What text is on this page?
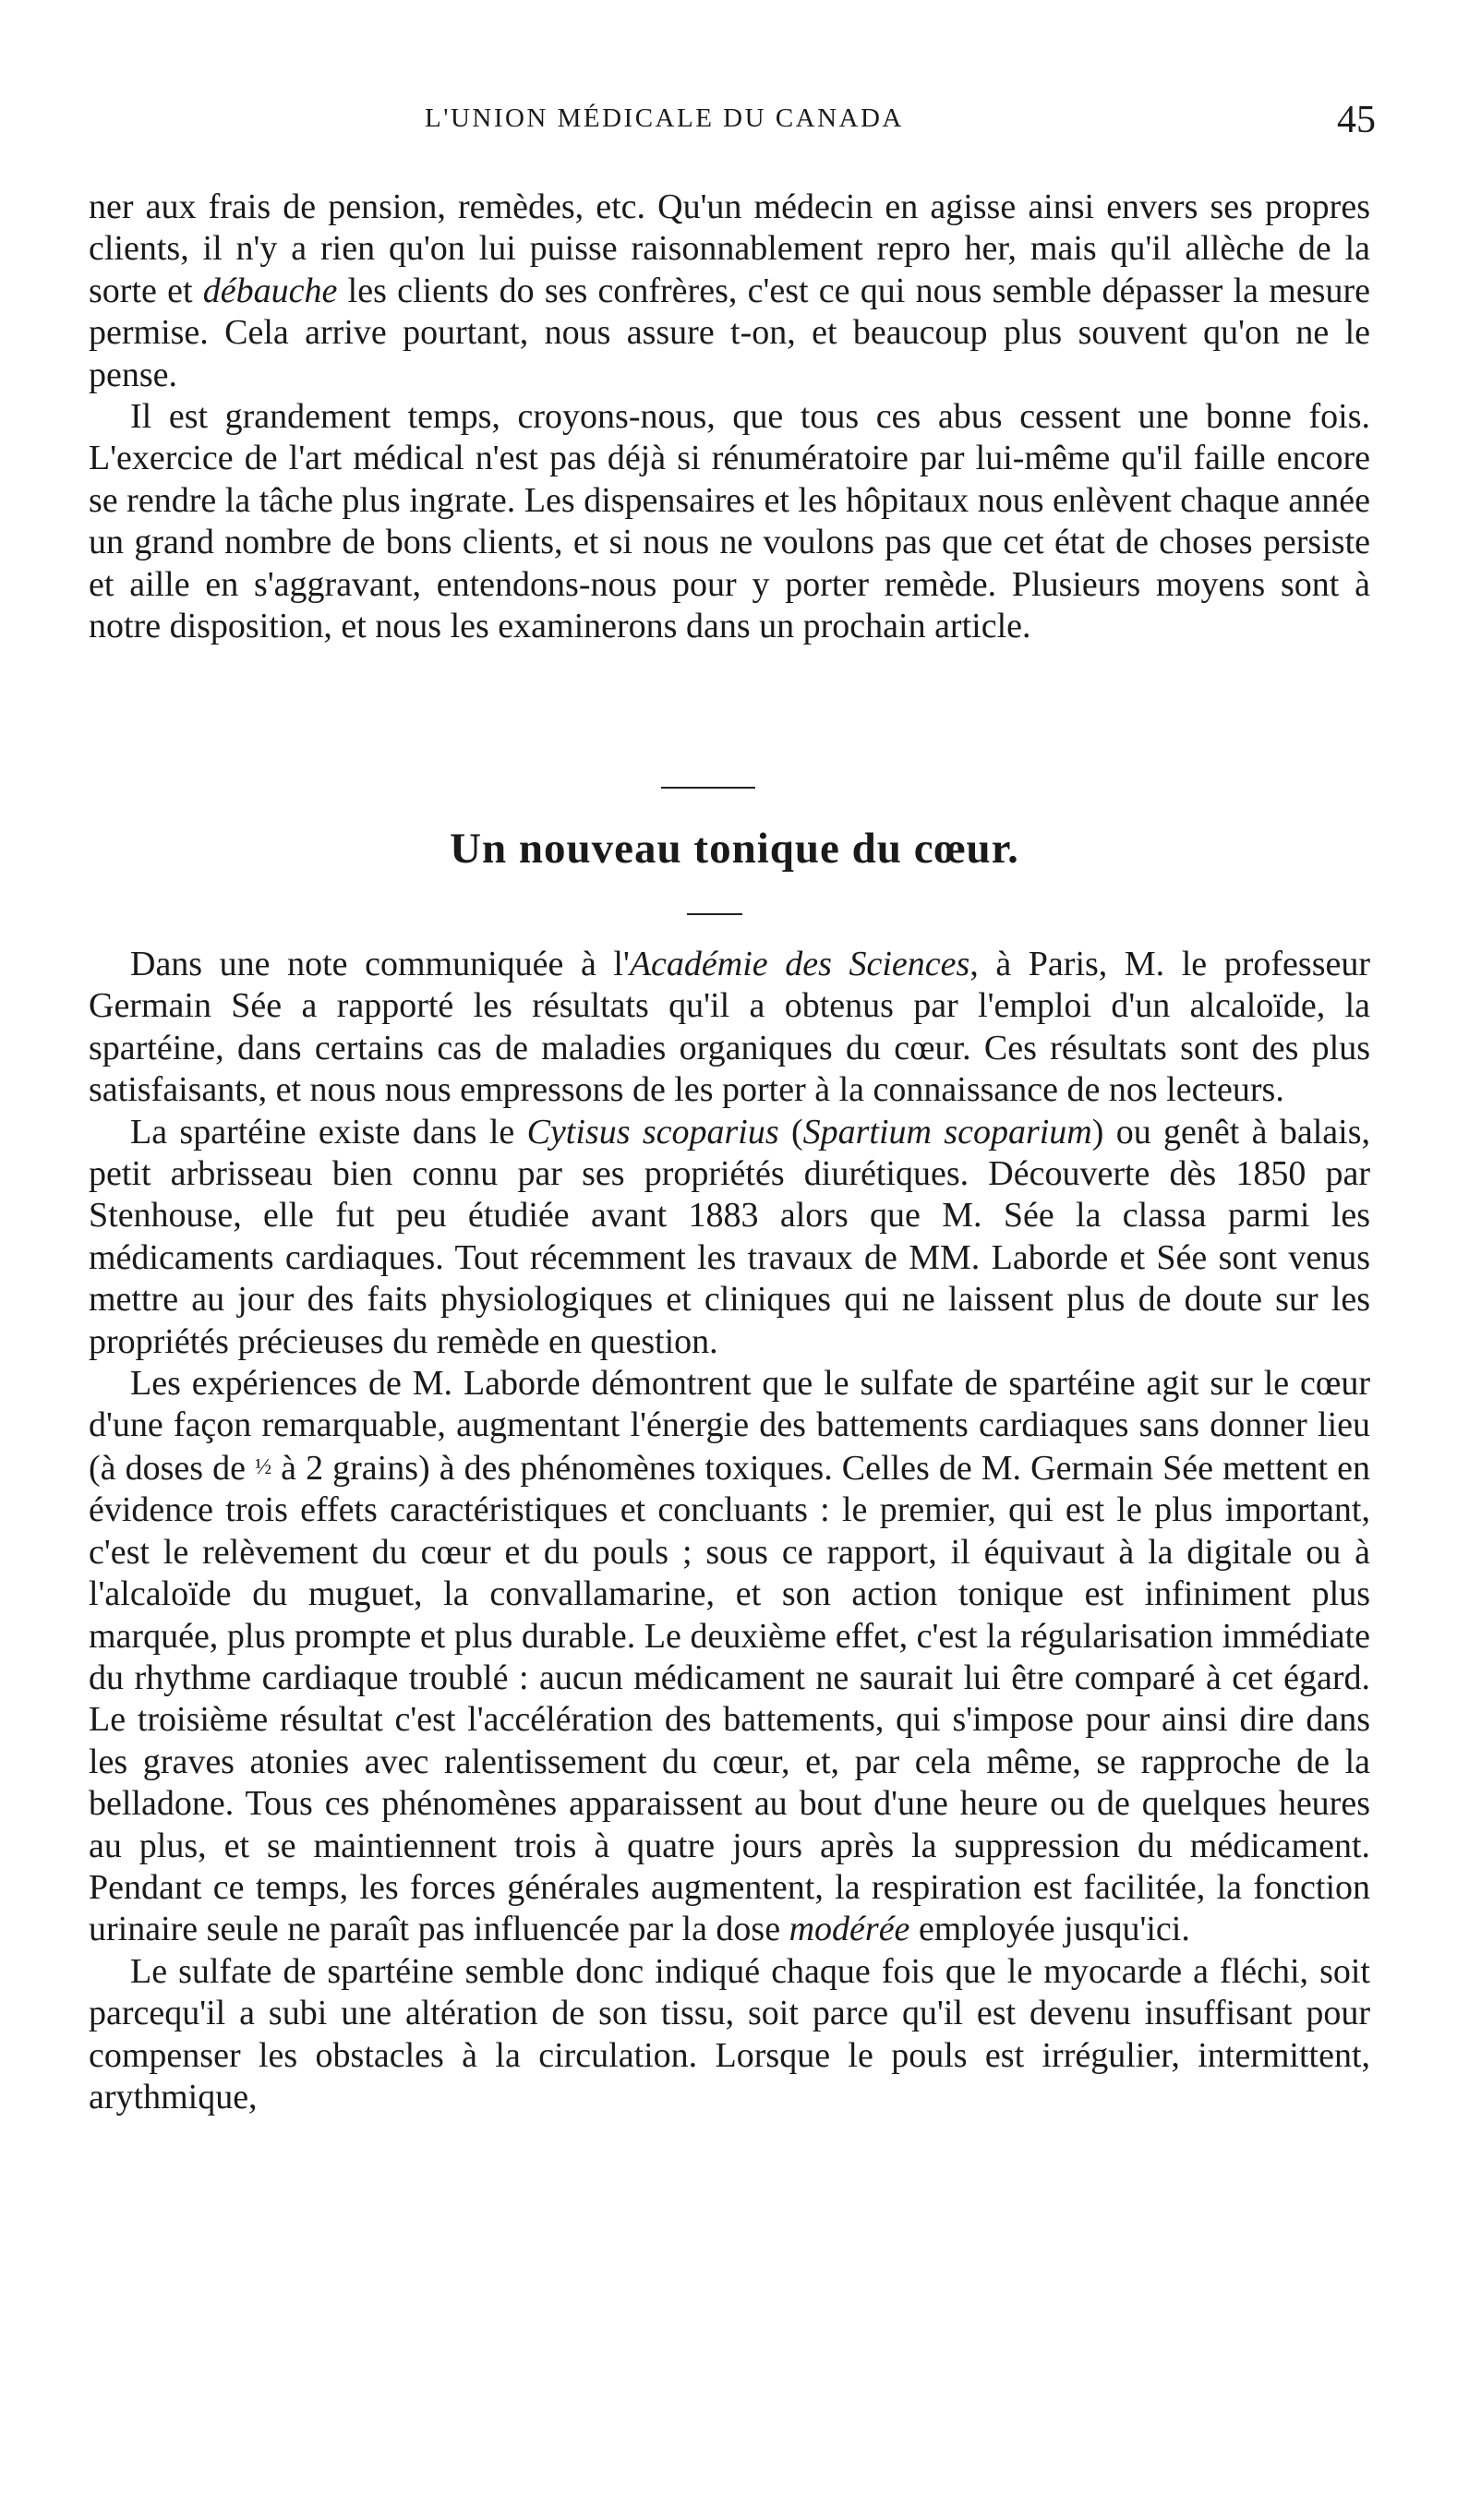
L'UNION MÉDICALE DU CANADA	45

ner aux frais de pension, remèdes, etc. Qu'un médecin en agisse ainsi envers ses propres clients, il n'y a rien qu'on lui puisse raisonnablement repro her, mais qu'il allèche de la sorte et débauche les clients do ses confrères, c'est ce qui nous semble dépasser la mesure permise. Cela arrive pourtant, nous assure t-on, et beaucoup plus souvent qu'on ne le pense.

Il est grandement temps, croyons-nous, que tous ces abus cessent une bonne fois. L'exercice de l'art médical n'est pas déjà si rénumératoire par lui-même qu'il faille encore se rendre la tâche plus ingrate. Les dispensaires et les hôpitaux nous enlèvent chaque année un grand nombre de bons clients, et si nous ne voulons pas que cet état de choses persiste et aille en s'aggravant, entendons-nous pour y porter remède. Plusieurs moyens sont à notre disposition, et nous les examinerons dans un prochain article.

Un nouveau tonique du cœur.

Dans une note communiquée à l'Académie des Sciences, à Paris, M. le professeur Germain Sée a rapporté les résultats qu'il a obtenus par l'emploi d'un alcaloïde, la spartéine, dans certains cas de maladies organiques du cœur. Ces résultats sont des plus satisfaisants, et nous nous empressons de les porter à la connaissance de nos lecteurs.

La spartéine existe dans le Cytisus scoparius (Spartium scoparium) ou genêt à balais, petit arbrisseau bien connu par ses propriétés diurétiques. Découverte dès 1850 par Stenhouse, elle fut peu étudiée avant 1883 alors que M. Sée la classa parmi les médicaments cardiaques. Tout récemment les travaux de MM. Laborde et Sée sont venus mettre au jour des faits physiologiques et cliniques qui ne laissent plus de doute sur les propriétés précieuses du remède en question.

Les expériences de M. Laborde démontrent que le sulfate de spartéine agit sur le cœur d'une façon remarquable, augmentant l'énergie des battements cardiaques sans donner lieu (à doses de ½ à 2 grains) à des phénomènes toxiques. Celles de M. Germain Sée mettent en évidence trois effets caractéristiques et concluants : le premier, qui est le plus important, c'est le relèvement du cœur et du pouls ; sous ce rapport, il équivaut à la digitale ou à l'alcaloïde du muguet, la convallamarine, et son action tonique est infiniment plus marquée, plus prompte et plus durable. Le deuxième effet, c'est la régularisation immédiate du rhythme cardiaque troublé : aucun médicament ne saurait lui être comparé à cet égard. Le troisième résultat c'est l'accélération des battements, qui s'impose pour ainsi dire dans les graves atonies avec ralentissement du cœur, et, par cela même, se rapproche de la belladone. Tous ces phénomènes apparaissent au bout d'une heure ou de quelques heures au plus, et se maintiennent trois à quatre jours après la suppression du médicament. Pendant ce temps, les forces générales augmentent, la respiration est facilitée, la fonction urinaire seule ne paraît pas influencée par la dose modérée employée jusqu'ici.

Le sulfate de spartéine semble donc indiqué chaque fois que le myocarde a fléchi, soit parcequ'il a subi une altération de son tissu, soit parce qu'il est devenu insuffisant pour compenser les obstacles à la circulation. Lorsque le pouls est irrégulier, intermittent, arythmique,
